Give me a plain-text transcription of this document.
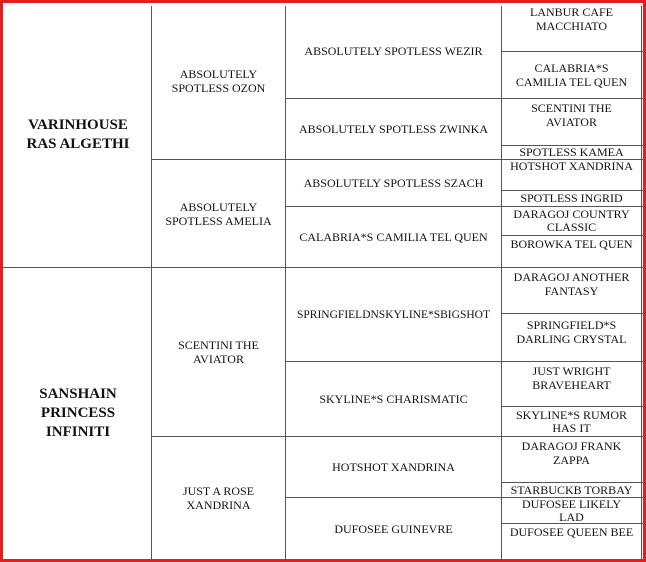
VARINHOUSE RAS ALGETHI
SANSHAIN PRINCESS INFINITI
ABSOLUTELY SPOTLESS OZON
ABSOLUTELY SPOTLESS AMELIA
SCENTINI THE AVIATOR
JUST A ROSE XANDRINA
ABSOLUTELY SPOTLESS WEZIR
ABSOLUTELY SPOTLESS ZWINKA
ABSOLUTELY SPOTLESS SZACH
CALABRIA*S CAMILIA TEL QUEN
SPRINGFIELDNSKYLINE*SBIGSHOT
SKYLINE*S CHARISMATIC
HOTSHOT XANDRINA
DUFOSEE GUINEVRE
LANBUR CAFE MACCHIATO
CALABRIA*S CAMILIA TEL QUEN
SCENTINI THE AVIATOR
SPOTLESS KAMEA
HOTSHOT XANDRINA
SPOTLESS INGRID
DARAGOJ COUNTRY CLASSIC
BOROWKA TEL QUEN
DARAGOJ ANOTHER FANTASY
SPRINGFIELD*S DARLING CRYSTAL
JUST WRIGHT BRAVEHEART
SKYLINE*S RUMOR HAS IT
DARAGOJ FRANK ZAPPA
STARBUCKB TORBAY
DUFOSEE LIKELY LAD
DUFOSEE QUEEN BEE
